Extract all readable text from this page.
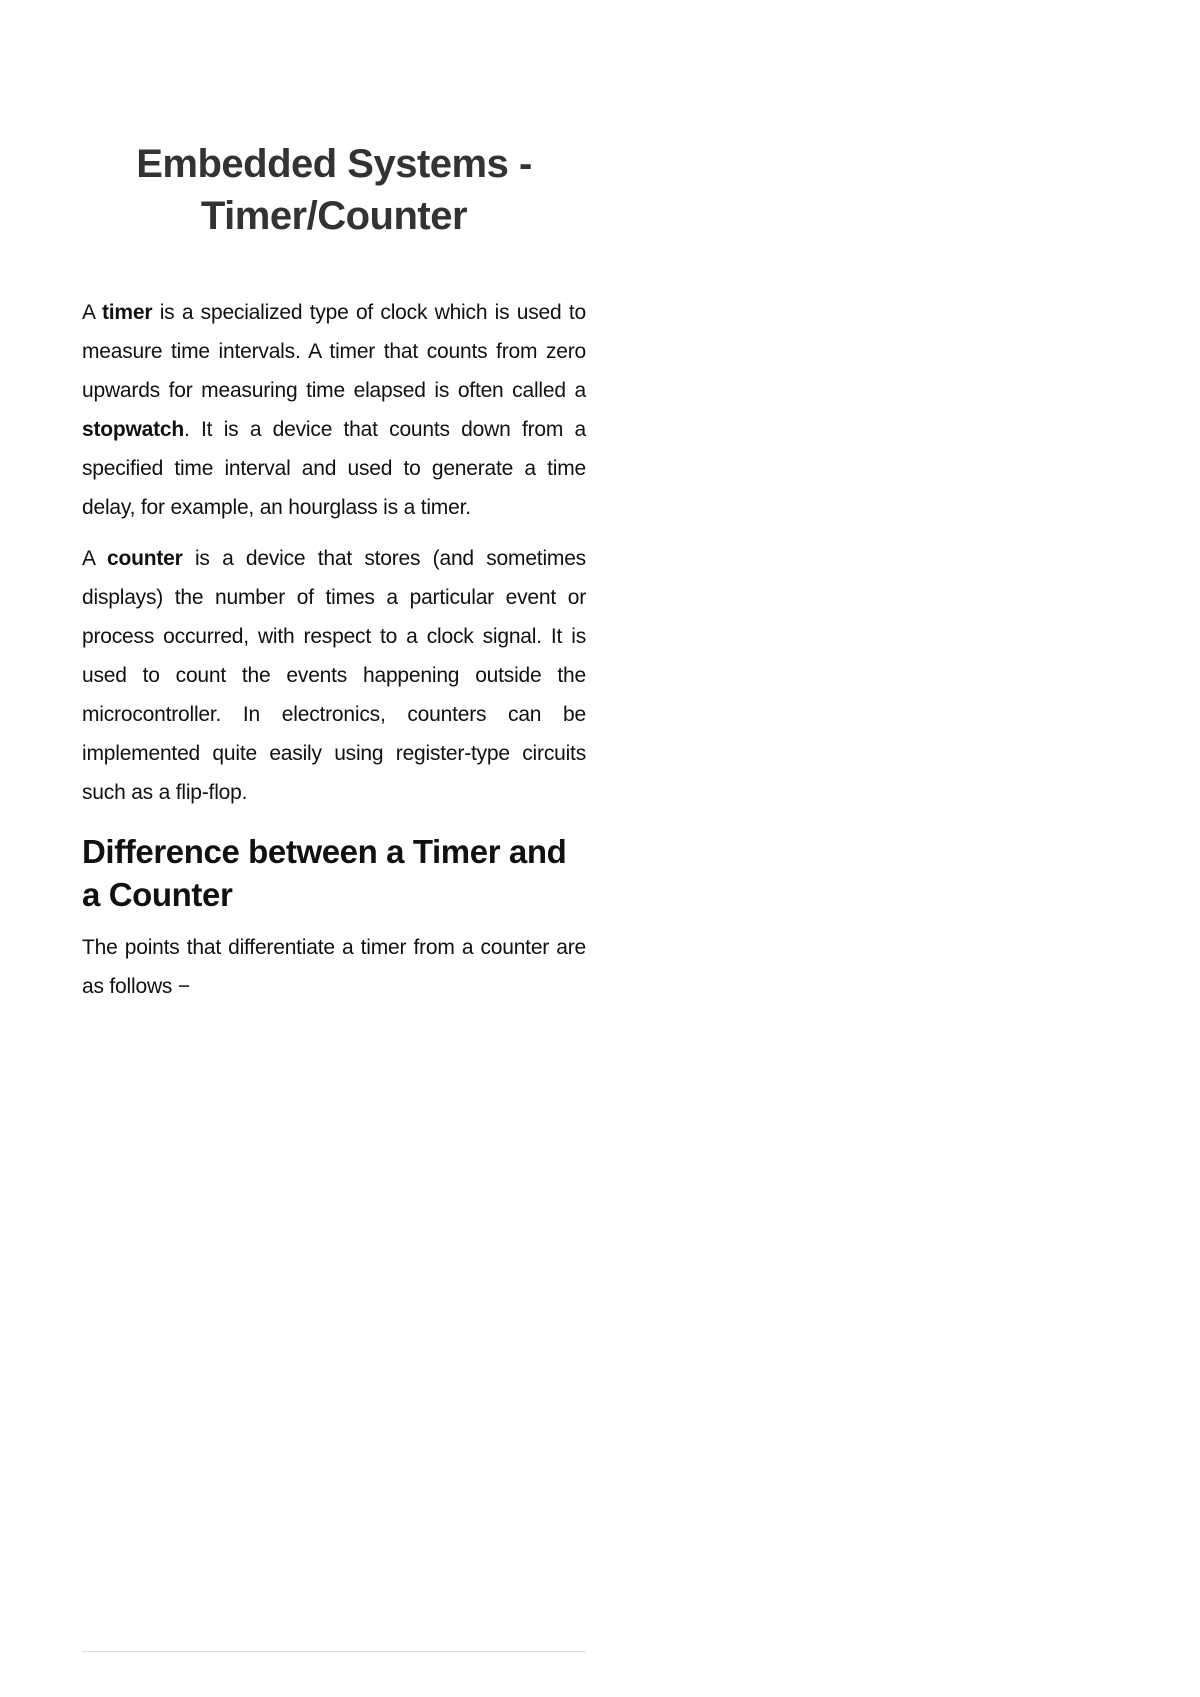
Embedded Systems - Timer/Counter

A timer is a specialized type of clock which is used to measure time intervals. A timer that counts from zero upwards for measuring time elapsed is often called a stopwatch. It is a device that counts down from a specified time interval and used to generate a time delay, for example, an hourglass is a timer.

A counter is a device that stores (and sometimes displays) the number of times a particular event or process occurred, with respect to a clock signal. It is used to count the events happening outside the microcontroller. In electronics, counters can be implemented quite easily using register-type circuits such as a flip-flop.

Difference between a Timer and a Counter

The points that differentiate a timer from a counter are as follows −
